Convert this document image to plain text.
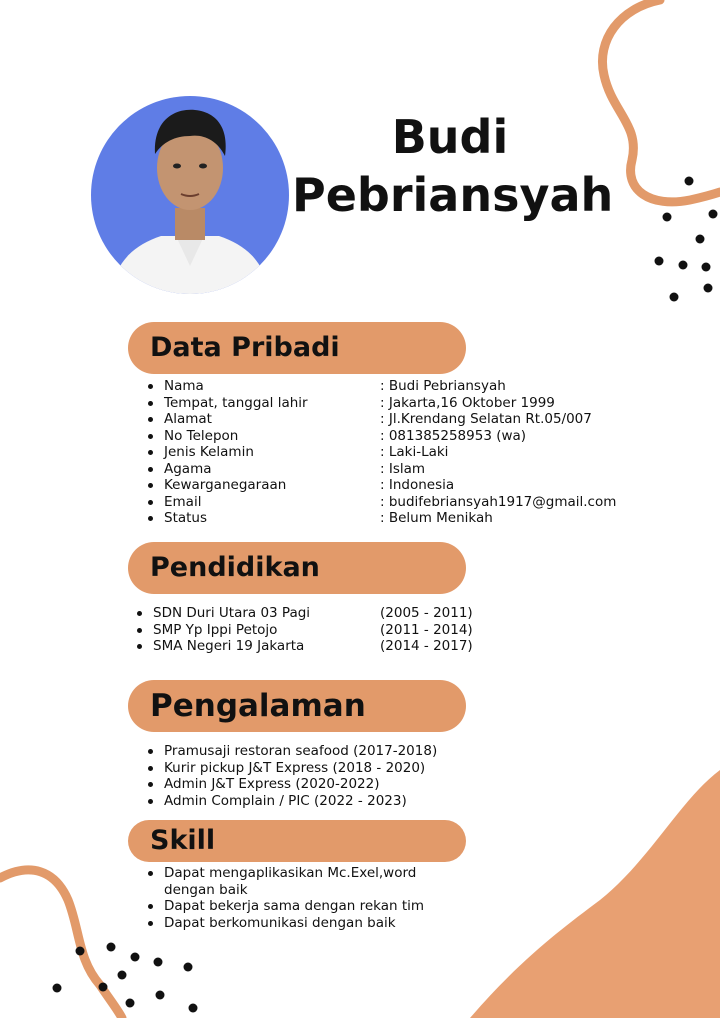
Budi
Pebriansyah
Data Pribadi
Nama	: Budi Pebriansyah
Tempat, tanggal lahir	: Jakarta,16 Oktober 1999
Alamat	: Jl.Krendang Selatan Rt.05/007
No Telepon	: 081385258953 (wa)
Jenis Kelamin	: Laki-Laki
Agama	: Islam
Kewarganegaraan	: Indonesia
Email	: budifebriansyah1917@gmail.com
Status	: Belum Menikah
Pendidikan
SDN Duri Utara 03 Pagi	(2005 - 2011)
SMP Yp Ippi Petojo	(2011 - 2014)
SMA Negeri 19 Jakarta	(2014 - 2017)
Pengalaman
Pramusaji restoran seafood (2017-2018)
Kurir pickup J&T Express (2018 - 2020)
Admin J&T Express (2020-2022)
Admin Complain / PIC (2022 - 2023)
Skill
Dapat mengaplikasikan Mc.Exel,word
dengan baik
Dapat bekerja sama dengan rekan tim
Dapat berkomunikasi dengan baik
